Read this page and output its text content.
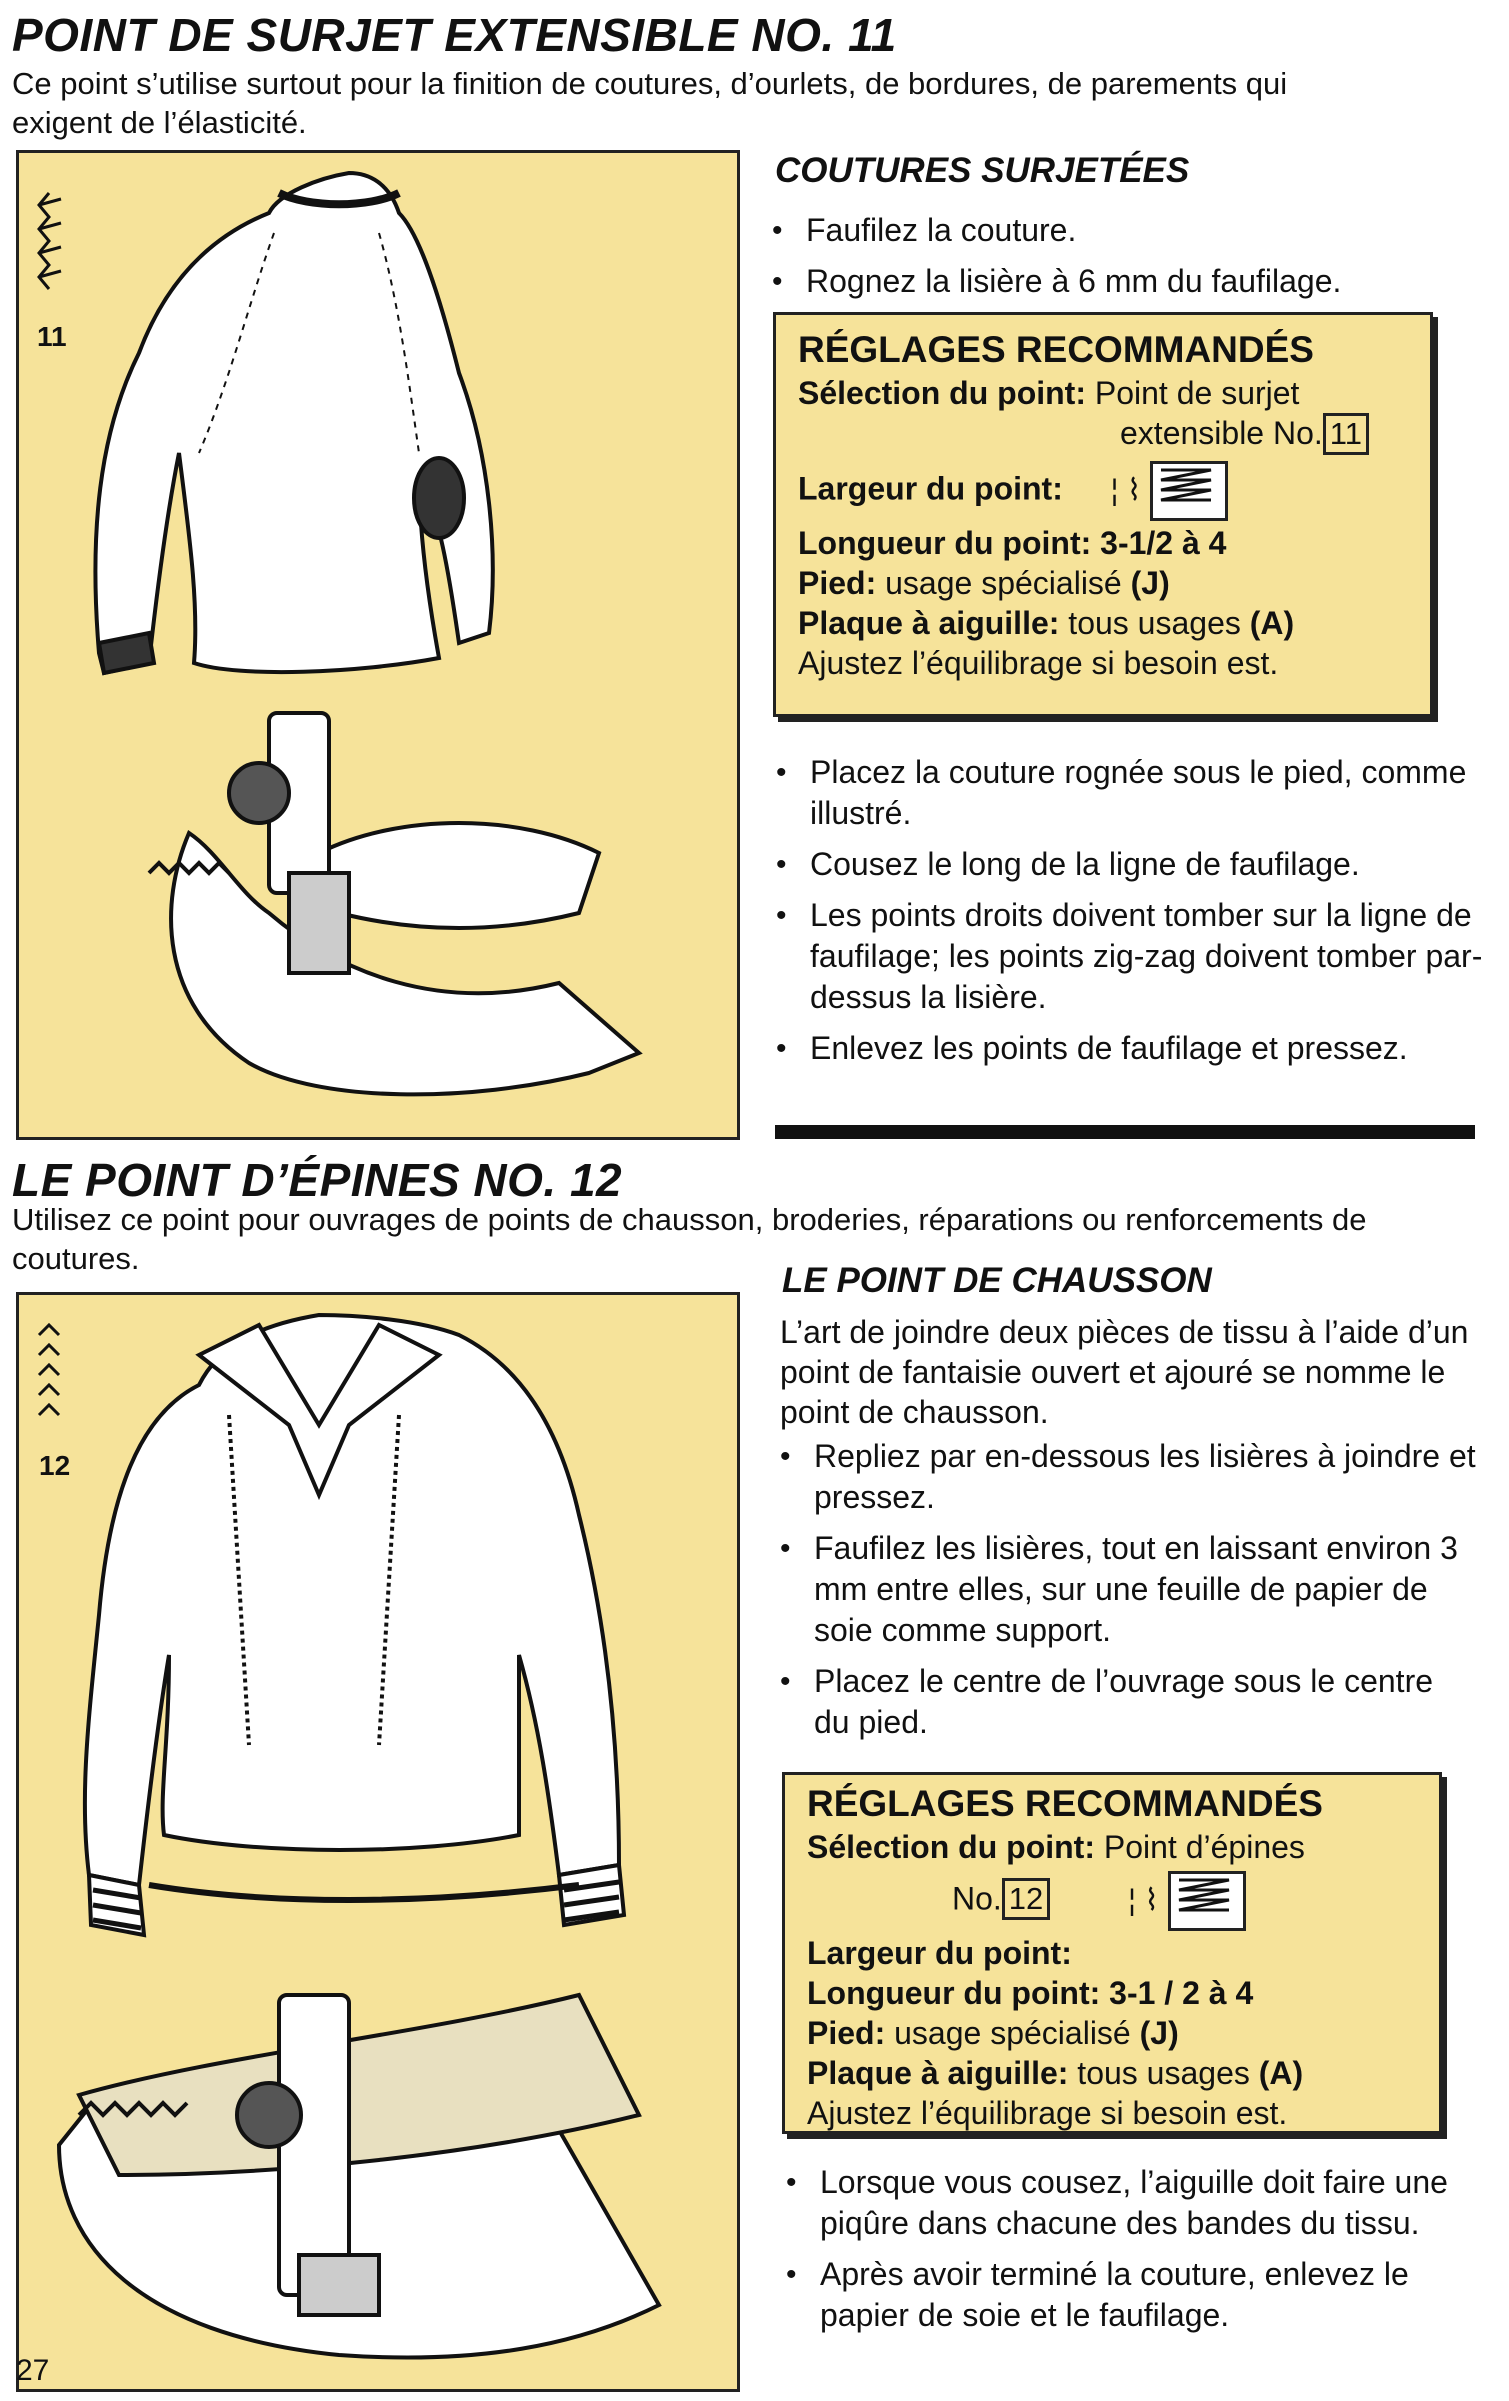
POINT DE SURJET EXTENSIBLE NO. 11
Ce point s’utilise surtout pour la finition de coutures, d’ourlets, de bordures, de parements qui exigent de l’élasticité.
11
COUTURES SURJETÉES
• Faufilez la couture.
• Rognez la lisière à 6 mm du faufilage.
RÉGLAGES RECOMMANDÉS
Sélection du point: Point de surjet
extensible No. 11
Largeur du point: ¦ ⌇
Longueur du point: 3-1/2 à 4
Pied: usage spécialisé (J)
Plaque à aiguille: tous usages (A)
Ajustez l’équilibrage si besoin est.
• Placez la couture rognée sous le pied, comme illustré.
• Cousez le long de la ligne de faufilage.
• Les points droits doivent tomber sur la ligne de faufilage; les points zig-zag doivent tomber par-dessus la lisière.
• Enlevez les points de faufilage et pressez.
LE POINT D’ÉPINES NO. 12
Utilisez ce point pour ouvrages de points de chausson, broderies, réparations ou renforcements de coutures.
12
LE POINT DE CHAUSSON
L’art de joindre deux pièces de tissu à l’aide d’un point de fantaisie ouvert et ajouré se nomme le point de chausson.
• Repliez par en-dessous les lisières à joindre et pressez.
• Faufilez les lisières, tout en laissant environ 3 mm entre elles, sur une feuille de papier de soie comme support.
• Placez le centre de l’ouvrage sous le centre du pied.
RÉGLAGES RECOMMANDÉS
Sélection du point: Point d’épines
No. 12	¦ ⌇
Largeur du point:
Longueur du point: 3-1 / 2 à 4
Pied: usage spécialisé (J)
Plaque à aiguille: tous usages (A)
Ajustez l’équilibrage si besoin est.
• Lorsque vous cousez, l’aiguille doit faire une piqûre dans chacune des bandes du tissu.
• Après avoir terminé la couture, enlevez le papier de soie et le faufilage.
27
